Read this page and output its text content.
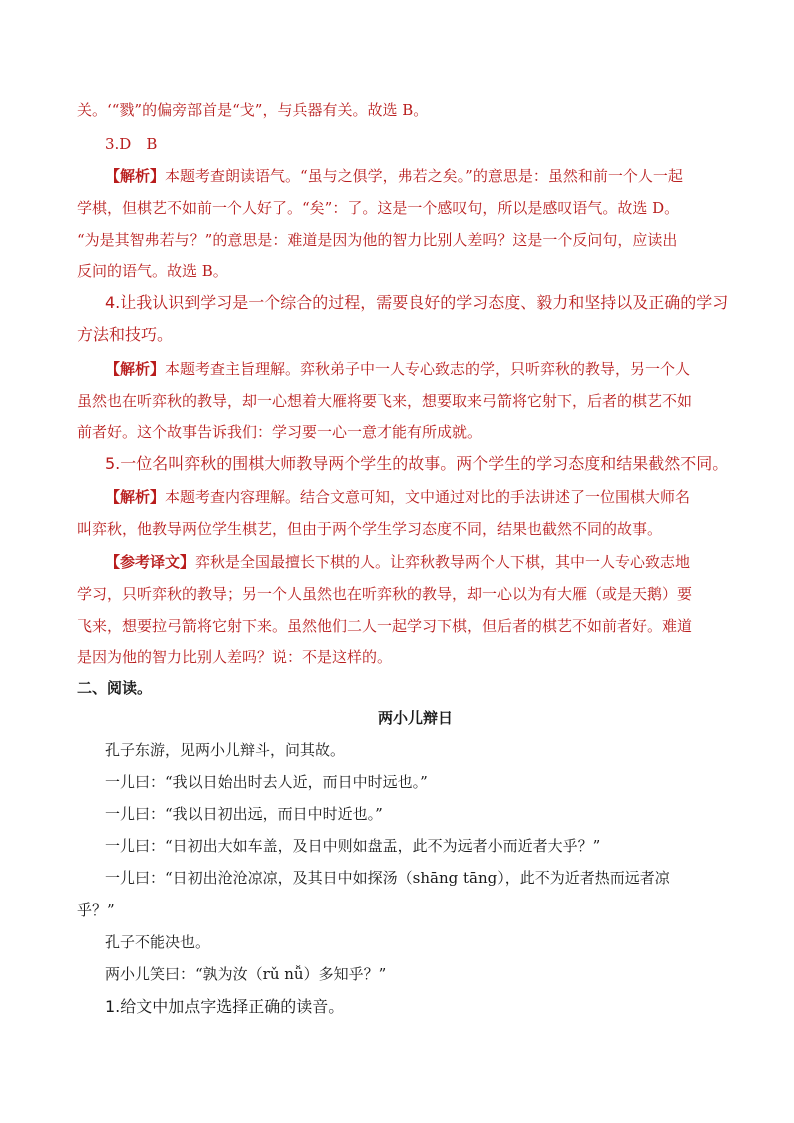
关。‘“戮”的偏旁部首是“戈”，与兵器有关。故选 B。
3.D　B
【解析】本题考查朗读语气。“虽与之俱学，弗若之矣。”的意思是：虽然和前一个人一起
学棋，但棋艺不如前一个人好了。“矣”：了。这是一个感叹句，所以是感叹语气。故选 D。
“为是其智弗若与？”的意思是：难道是因为他的智力比别人差吗？这是一个反问句，应读出
反问的语气。故选 B。
4.让我认识到学习是一个综合的过程，需要良好的学习态度、毅力和坚持以及正确的学习
方法和技巧。
【解析】本题考查主旨理解。弈秋弟子中一人专心致志的学，只听弈秋的教导，另一个人
虽然也在听弈秋的教导，却一心想着大雁将要飞来，想要取来弓箭将它射下，后者的棋艺不如
前者好。这个故事告诉我们：学习要一心一意才能有所成就。
5.一位名叫弈秋的围棋大师教导两个学生的故事。两个学生的学习态度和结果截然不同。
【解析】本题考查内容理解。结合文意可知，文中通过对比的手法讲述了一位围棋大师名
叫弈秋，他教导两位学生棋艺，但由于两个学生学习态度不同，结果也截然不同的故事。
【参考译文】弈秋是全国最擅长下棋的人。让弈秋教导两个人下棋，其中一人专心致志地
学习，只听弈秋的教导；另一个人虽然也在听弈秋的教导，却一心以为有大雁（或是天鹅）要
飞来，想要拉弓箭将它射下来。虽然他们二人一起学习下棋，但后者的棋艺不如前者好。难道
是因为他的智力比别人差吗？说：不是这样的。
二、阅读。
两小儿辩日
孔子东游，见两小儿辩斗，问其故。
一儿曰：“我以日始出时去人近，而日中时远也。”
一儿曰：“我以日初出远，而日中时近也。”
一儿曰：“日初出大如车盖，及日中则如盘盂，此不为远者小而近者大乎？”
一儿曰：“日初出沧沧凉凉，及其日中如探汤（shāng tāng），此不为近者热而远者凉
乎？”
孔子不能决也。
两小儿笑曰：“孰为汝（rǔ nǚ）多知乎？”
1.给文中加点字选择正确的读音。
